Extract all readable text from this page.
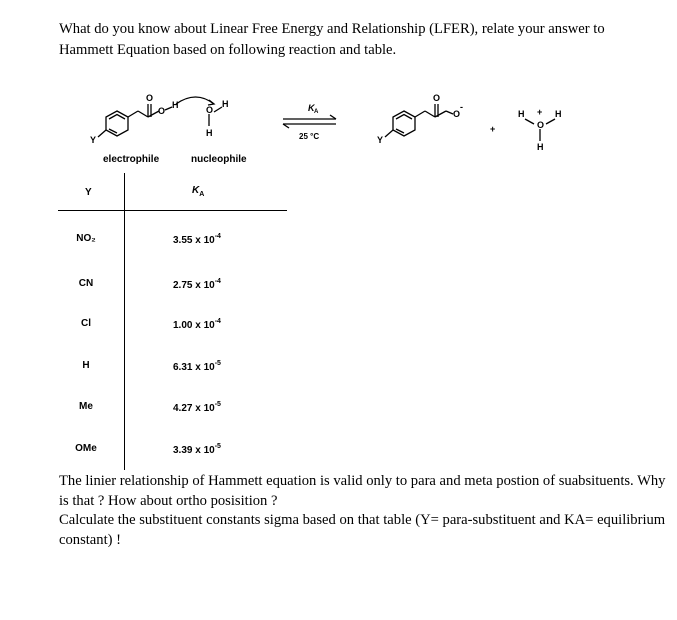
What do you know about Linear Free Energy and Relationship (LFER), relate your answer to Hammett Equation based on following reaction and table.
O
O
H
Y
O
H
H
O
O
-
Y
+
H + H
O
H
K A
25 °C
electrophile	nucleophile
Y	$K_A$
NO₂	3.55 x $10^{-4}$
CN	2.75 x $10^{-4}$
Cl	1.00 x $10^{-4}$
H	6.31 x $10^{-5}$
Me	4.27 x $10^{-5}$
OMe	3.39 x $10^{-5}$
The linier relationship of Hammett equation is valid only to para and meta postion of suabsituents. Why is that ? How about ortho posisition ?
Calculate the substituent constants sigma based on that table (Y= para-substituent and KA= equilibrium constant) !
